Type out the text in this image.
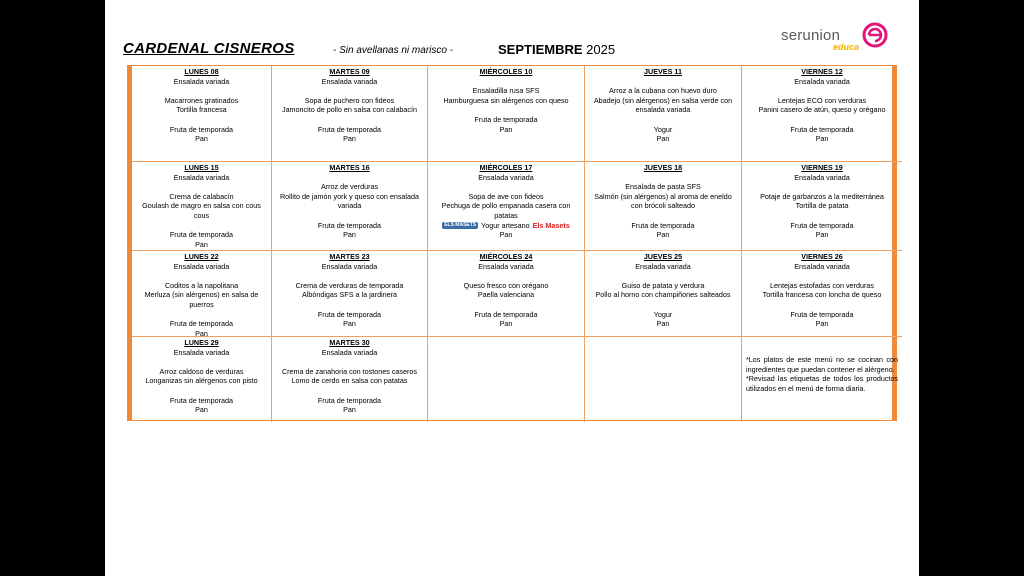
CARDENAL CISNEROS	- Sin avellanas ni marisco -	SEPTIEMBRE 2025
serunion
educa
LUNES 08
Ensalada variada
Macarrones gratinados
Tortilla francesa
Fruta de temporada
Pan
MARTES 09
Ensalada variada
Sopa de puchero con fideos
Jamoncito de pollo en salsa con calabacín
Fruta de temporada
Pan
MIÉRCOLES 10
Ensaladilla rusa SFS
Hamburguesa sin alérgenos con queso
Fruta de temporada
Pan
JUEVES 11
Arroz a la cubana con huevo duro
Abadejo (sin alérgenos) en salsa verde con ensalada variada
Yogur
Pan
VIERNES 12
Ensalada variada
Lentejas ECO con verduras
Panini casero de atún, queso y orégano
Fruta de temporada
Pan
LUNES 15
Ensalada variada
Crema de calabacín
Goulash de magro en salsa con cous cous
Fruta de temporada
Pan
MARTES 16
Arroz de verduras
Rollito de jamón york y queso con ensalada variada
Fruta de temporada
Pan
MIÉRCOLES 17
Ensalada variada
Sopa de ave con fideos
Pechuga de pollo empanada casera con patatas
ELS MASETS Yogur artesano Els Masets
Pan
JUEVES 18
Ensalada de pasta SFS
Salmón (sin alérgenos) al aroma de eneldo con brócoli salteado
Fruta de temporada
Pan
VIERNES 19
Ensalada variada
Potaje de garbanzos a la mediterránea
Tortilla de patata
Fruta de temporada
Pan
LUNES 22
Ensalada variada
Coditos a la napolitana
Merluza (sin alérgenos) en salsa de puerros
Fruta de temporada
Pan
MARTES 23
Ensalada variada
Crema de verduras de temporada
Albóndigas SFS a la jardinera
Fruta de temporada
Pan
MIÉRCOLES 24
Ensalada variada
Queso fresco con orégano
Paella valenciana
Fruta de temporada
Pan
JUEVES 25
Ensalada variada
Guiso de patata y verdura
Pollo al horno con champiñones salteados
Yogur
Pan
VIERNES 26
Ensalada variada
Lentejas estofadas con verduras
Tortilla francesa con loncha de queso
Fruta de temporada
Pan
LUNES 29
Ensalada variada
Arroz caldoso de verduras
Longanizas sin alérgenos con pisto
Fruta de temporada
Pan
MARTES 30
Ensalada variada
Crema de zanahoria con tostones caseros
Lomo de cerdo en salsa con patatas
Fruta de temporada
Pan
*Los platos de este menú no se cocinan con ingredientes que puedan contener el alérgeno.
*Revisad las etiquetas de todos los productos utilizados en el menú de forma diaria.
